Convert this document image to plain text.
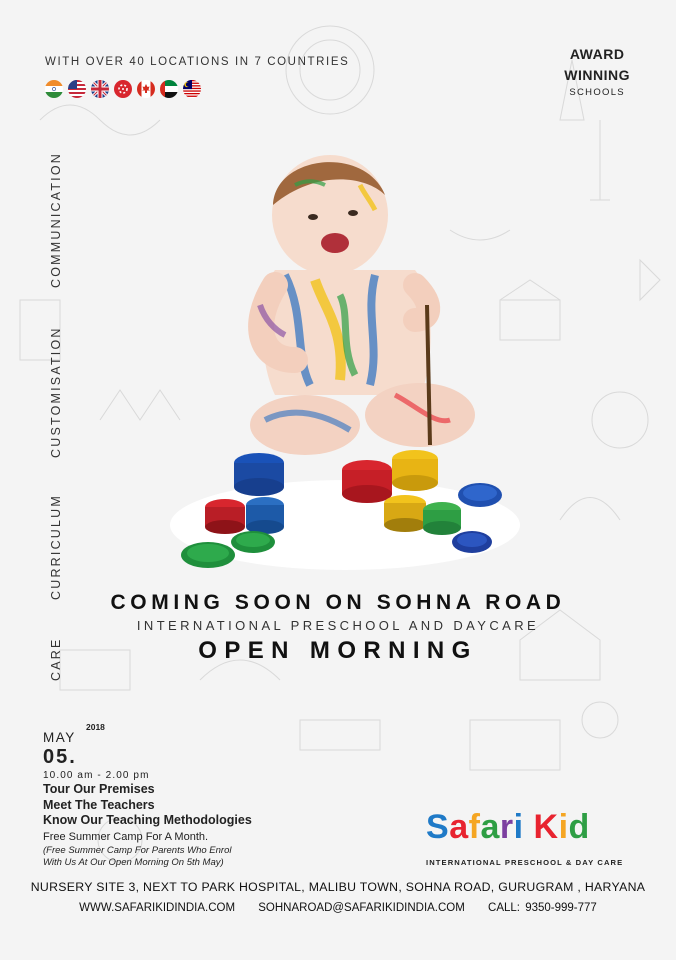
WITH OVER 40 LOCATIONS IN 7 COUNTRIES	AWARD
WINNING
SCHOOLS
COMMUNICATION
CUSTOMISATION
CURRICULUM
CARE
COMING SOON ON SOHNA ROAD
INTERNATIONAL PRESCHOOL AND DAYCARE
OPEN MORNING
MAY
2018
05.
10.00 am - 2.00 pm
Tour Our Premises
Meet The Teachers
Know Our Teaching Methodologies
Free Summer Camp For A Month.
(Free Summer Camp For Parents Who Enrol
With Us At Our Open Morning On 5th May)
Safari Kid
INTERNATIONAL PRESCHOOL & DAY CARE
NURSERY SITE 3, NEXT TO PARK HOSPITAL, MALIBU TOWN, SOHNA ROAD, GURUGRAM , HARYANA
WWW.SAFARIKIDINDIA.COM SOHNAROAD@SAFARIKIDINDIA.COM CALL: 9350-999-777
